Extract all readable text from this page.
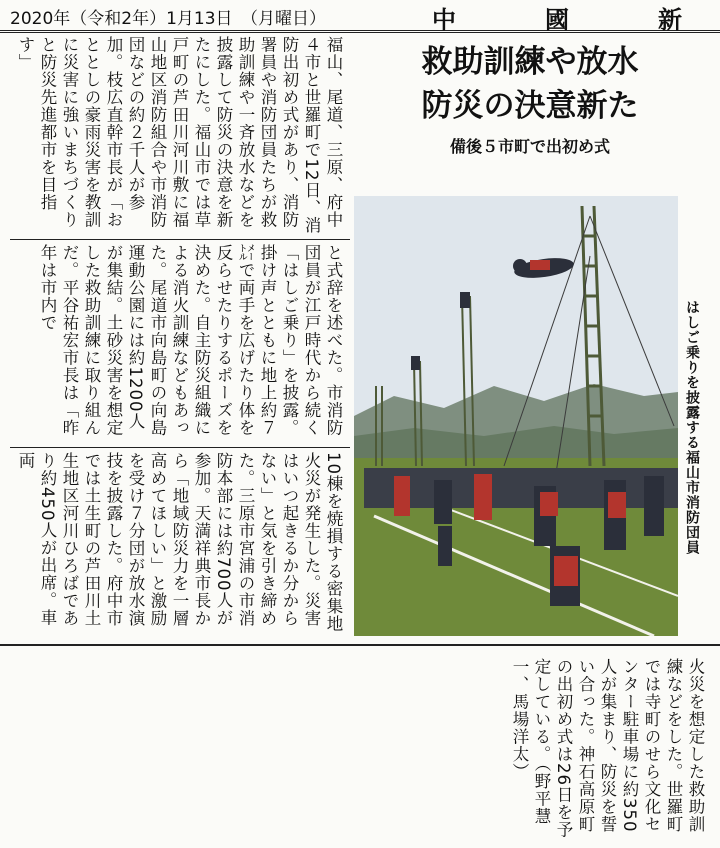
2020年（令和2年）1月13日　（月曜日）	中	國	新
福山、尾道、三原、府中４市と世羅町で12日、消防出初め式があり、消防署員や消防団員たちが救助訓練や一斉放水などを披露して防災の決意を新たにした。福山市では草戸町の芦田川河川敷に福山地区消防組合や市消防団などの約２千人が参加。枝広直幹市長が「おととしの豪雨災害を教訓に災害に強いまちづくりと防災先進都市を目指す」
と式辞を述べた。市消防団員が江戸時代から続く「はしご乗り」を披露。掛け声とともに地上約７㍍で両手を広げたり体を反らせたりするポーズを決めた。自主防災組織による消火訓練などもあった。尾道市向島町の向島運動公園には約1200人が集結。土砂災害を想定した救助訓練に取り組んだ。平谷祐宏市長は「昨年は市内で
10棟を焼損する密集地火災が発生した。災害はいつ起きるか分からない」と気を引き締めた。三原市宮浦の市消防本部には約700人が参加。天満祥典市長から「地域防災力を一層高めてほしい」と激励を受け７分団が放水演技を披露した。府中市では土生町の芦田川土生地区河川ひろばであり約450人が出席。車両
救助訓練や放水
防災の決意新た
備後５市町で出初め式
はしご乗りを披露する福山市消防団員
火災を想定した救助訓練などをした。世羅町では寺町のせら文化センター駐車場に約350人が集まり、防災を誓い合った。神石高原町の出初め式は26日を予定している。（野平慧一、馬場洋太）
